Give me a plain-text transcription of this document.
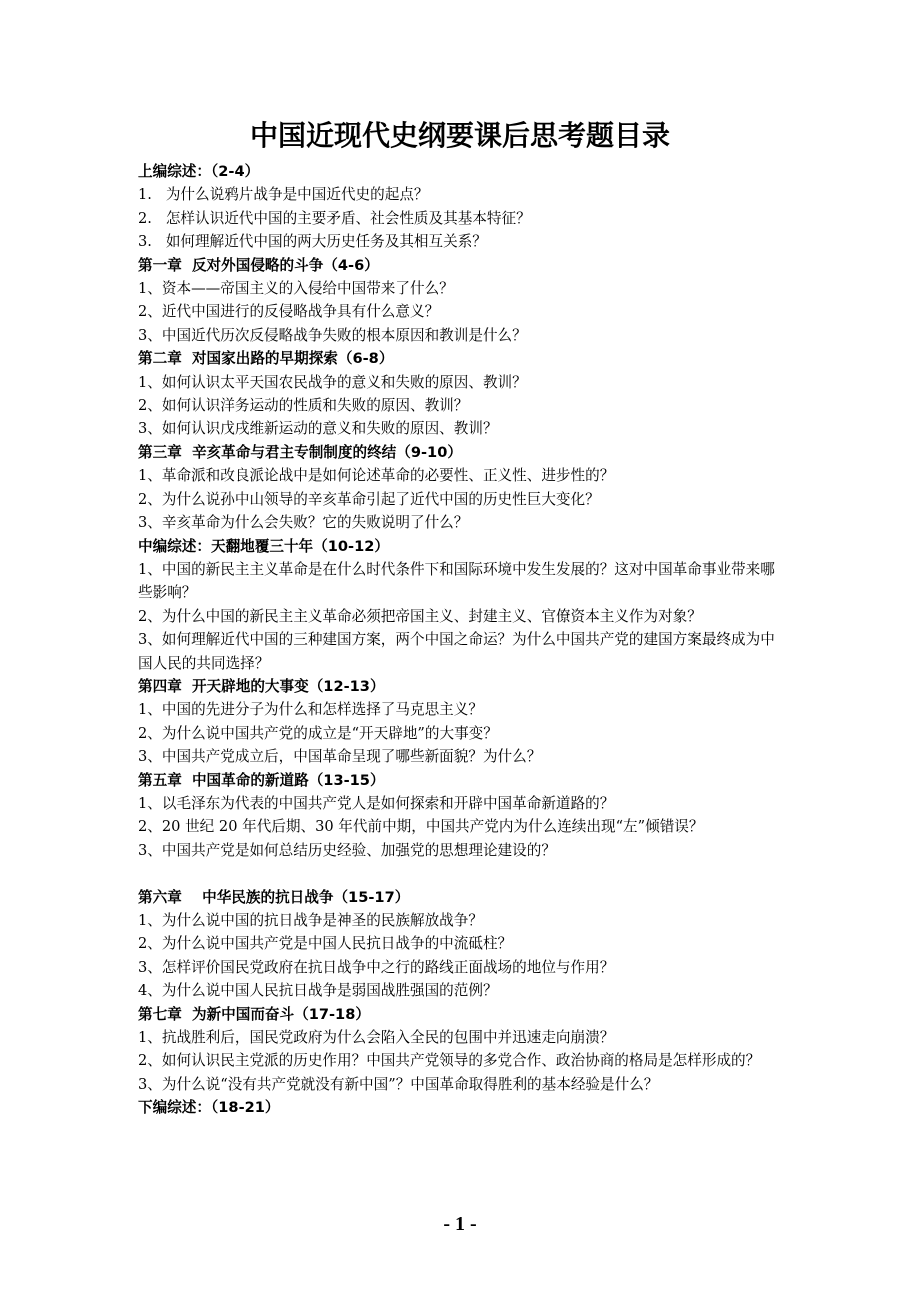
中国近现代史纲要课后思考题目录

上编综述：（2-4）

1.   为什么说鸦片战争是中国近代史的起点？

2.   怎样认识近代中国的主要矛盾、社会性质及其基本特征？

3.   如何理解近代中国的两大历史任务及其相互关系？

第一章  反对外国侵略的斗争（4-6）

1、资本——帝国主义的入侵给中国带来了什么？

2、近代中国进行的反侵略战争具有什么意义？

3、中国近代历次反侵略战争失败的根本原因和教训是什么？

第二章  对国家出路的早期探索（6-8）

1、如何认识太平天国农民战争的意义和失败的原因、教训？

2、如何认识洋务运动的性质和失败的原因、教训？

3、如何认识戊戌维新运动的意义和失败的原因、教训？

第三章  辛亥革命与君主专制制度的终结（9-10）

1、革命派和改良派论战中是如何论述革命的必要性、正义性、进步性的？

2、为什么说孙中山领导的辛亥革命引起了近代中国的历史性巨大变化？

3、辛亥革命为什么会失败？它的失败说明了什么？

中编综述：天翻地覆三十年（10-12）

1、中国的新民主主义革命是在什么时代条件下和国际环境中发生发展的？这对中国革命事业带来哪些影响？

2、为什么中国的新民主主义革命必须把帝国主义、封建主义、官僚资本主义作为对象？

3、如何理解近代中国的三种建国方案，两个中国之命运？为什么中国共产党的建国方案最终成为中国人民的共同选择？

第四章  开天辟地的大事变（12-13）

1、中国的先进分子为什么和怎样选择了马克思主义？

2、为什么说中国共产党的成立是“开天辟地”的大事变？

3、中国共产党成立后，中国革命呈现了哪些新面貌？为什么？

第五章  中国革命的新道路（13-15）

1、以毛泽东为代表的中国共产党人是如何探索和开辟中国革命新道路的？

2、20 世纪 20 年代后期、30 年代前中期，中国共产党内为什么连续出现“左”倾错误？

3、中国共产党是如何总结历史经验、加强党的思想理论建设的？

第六章    中华民族的抗日战争（15-17）

1、为什么说中国的抗日战争是神圣的民族解放战争？

2、为什么说中国共产党是中国人民抗日战争的中流砥柱？

3、怎样评价国民党政府在抗日战争中之行的路线正面战场的地位与作用？

4、为什么说中国人民抗日战争是弱国战胜强国的范例？

第七章  为新中国而奋斗（17-18）

1、抗战胜利后，国民党政府为什么会陷入全民的包围中并迅速走向崩溃？

2、如何认识民主党派的历史作用？中国共产党领导的多党合作、政治协商的格局是怎样形成的？

3、为什么说“没有共产党就没有新中国”？中国革命取得胜利的基本经验是什么？

下编综述：（18-21）

- 1 -
